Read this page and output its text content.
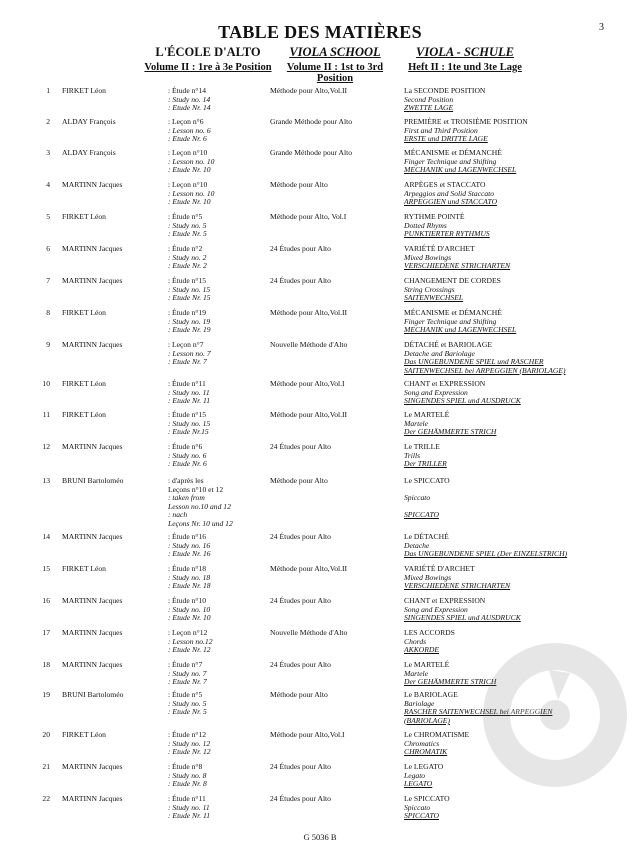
3
TABLE DES MATIÈRES
L'ÉCOLE D'ALTO
Volume II : 1re à 3e Position
VIOLA SCHOOL
Volume II : 1st to 3rd Position
VIOLA - SCHULE
Heft II : 1te und 3te Lage
1 FIRKET Léon	: Étude n°14
: Study no. 14
: Etude Nr. 14
Méthode pour Alto,Vol.II	La SECONDE POSITION
Second Position
ZWETTE LAGE
2 ALDAY François	: Leçon n°6
: Lesson no. 6
: Etude Nr. 6
Grande Méthode pour Alto	PREMIÈRE et TROISIÈME POSITION
First and Third Position
ERSTE und DRITTE LAGE
3 ALDAY François	: Leçon n°10
: Lesson no. 10
: Etude Nr. 10
Grande Méthode pour Alto	MÉCANISME et DÉMANCHÉ
Finger Technique and Shifting
MECHANIK und LAGENWECHSEL
4 MARTINN Jacques	: Leçon n°10
: Lesson no. 10
: Etude Nr. 10
Méthode pour Alto	ARPÈGES et STACCATO
Arpeggios and Solid Staccato
ARPEGGIEN und STACCATO
5 FIRKET Léon	: Étude n°5
: Study no. 5
: Etude Nr. 5
Méthode pour Alto, Vol.I	RYTHME POINTÉ
Dotted Rhyms
PUNKTIERTER RYTHMUS
6 MARTINN Jacques	: Étude n°2
: Study no. 2
: Etude Nr. 2
24 Études pour Alto	VARIÉTÉ D'ARCHET
Mixed Bowings
VERSCHIEDENE STRICHARTEN
7 MARTINN Jacques	: Étude n°15
: Study no. 15
: Etude Nr. 15
24 Études pour Alto	CHANGEMENT DE CORDES
String Crossings
SAITENWECHSEL
8 FIRKET Léon	: Étude n°19
: Study no. 19
: Etude Nr. 19
Méthode pour Alto,Vol.II	MÉCANISME et DÉMANCHÉ
Finger Technique and Shifting
MECHANIK und LAGENWECHSEL
9 MARTINN Jacques	: Leçon n°7
: Lesson no. 7
: Etude Nr. 7
Nouvelle Méthode d'Alto	DÉTACHÉ et BARIOLAGE
Detache and Bariolage
Das UNGEBUNDENE SPIEL und RASCHER
SAITENWECHSEL bei ARPEGGIEN (BARIOLAGE)
10 FIRKET Léon	: Étude n°11
: Study no. 11
: Etude Nr. 11
Méthode pour Alto,Vol.I	CHANT et EXPRESSION
Song and Expression
SINGENDES SPIEL und AUSDRUCK
11 FIRKET Léon	: Étude n°15
: Study no. 15
: Etude Nr.15
Méthode pour Alto,Vol.II	Le MARTELÉ
Martele
Der GEHÄMMERTE STRICH
12 MARTINN Jacques	: Étude n°6
: Study no. 6
: Etude Nr. 6
24 Études pour Alto	Le TRILLE
Trills
Der TRILLER
13 BRUNI Bartoloméo	: d'après les
Leçons n°10 et 12
: taken from
Lesson no.10 and 12
: nach
Leçons Nr. 10 und 12
Méthode pour Alto	Le SPICCATO
Spiccato
SPICCATO
14 MARTINN Jacques	: Étude n°16
: Study no. 16
: Etude Nr. 16
24 Études pour Alto	Le DÉTACHÉ
Detache
Das UNGEBUNDENE SPIEL (Der EINZELSTRICH)
15 FIRKET Léon	: Étude n°18
: Study no. 18
: Etude Nr. 18
Méthode pour Alto,Vol.II	VARIÉTÉ D'ARCHET
Mixed Bowings
VERSCHIEDENE STRICHARTEN
16 MARTINN Jacques	: Étude n°10
: Study no. 10
: Etude Nr. 10
24 Études pour Alto	CHANT et EXPRESSION
Song and Expression
SINGENDES SPIEL und AUSDRUCK
17 MARTINN Jacques	: Leçon n°12
: Lesson no.12
: Etude Nr. 12
Nouvelle Méthode d'Alto	LES ACCORDS
Chords
AKKORDE
18 MARTINN Jacques	: Étude n°7
: Study no. 7
: Etude Nr. 7
24 Études pour Alto	Le MARTELÉ
Martele
Der GEHÄMMERTE STRICH
19 BRUNI Bartoloméo	: Étude n°5
: Study no. 5
: Etude Nr. 5
Méthode pour Alto	Le BARIOLAGE
Bariolage
RASCHER SAITENWECHSEL bei ARPEGGIEN
(BARIOLAGE)
20 FIRKET Léon	: Étude n°12
: Study no. 12
: Etude Nr. 12
Méthode pour Alto,Vol.I	Le CHROMATISME
Chromatics
CHROMATIK
21 MARTINN Jacques	: Étude n°8
: Study no. 8
: Etude Nr. 8
24 Études pour Alto	Le LEGATO
Legato
LEGATO
22 MARTINN Jacques	: Étude n°11
: Study no. 11
: Etude Nr. 11
24 Études pour Alto	Le SPICCATO
Spiccato
SPICCATO
G 5036 B
